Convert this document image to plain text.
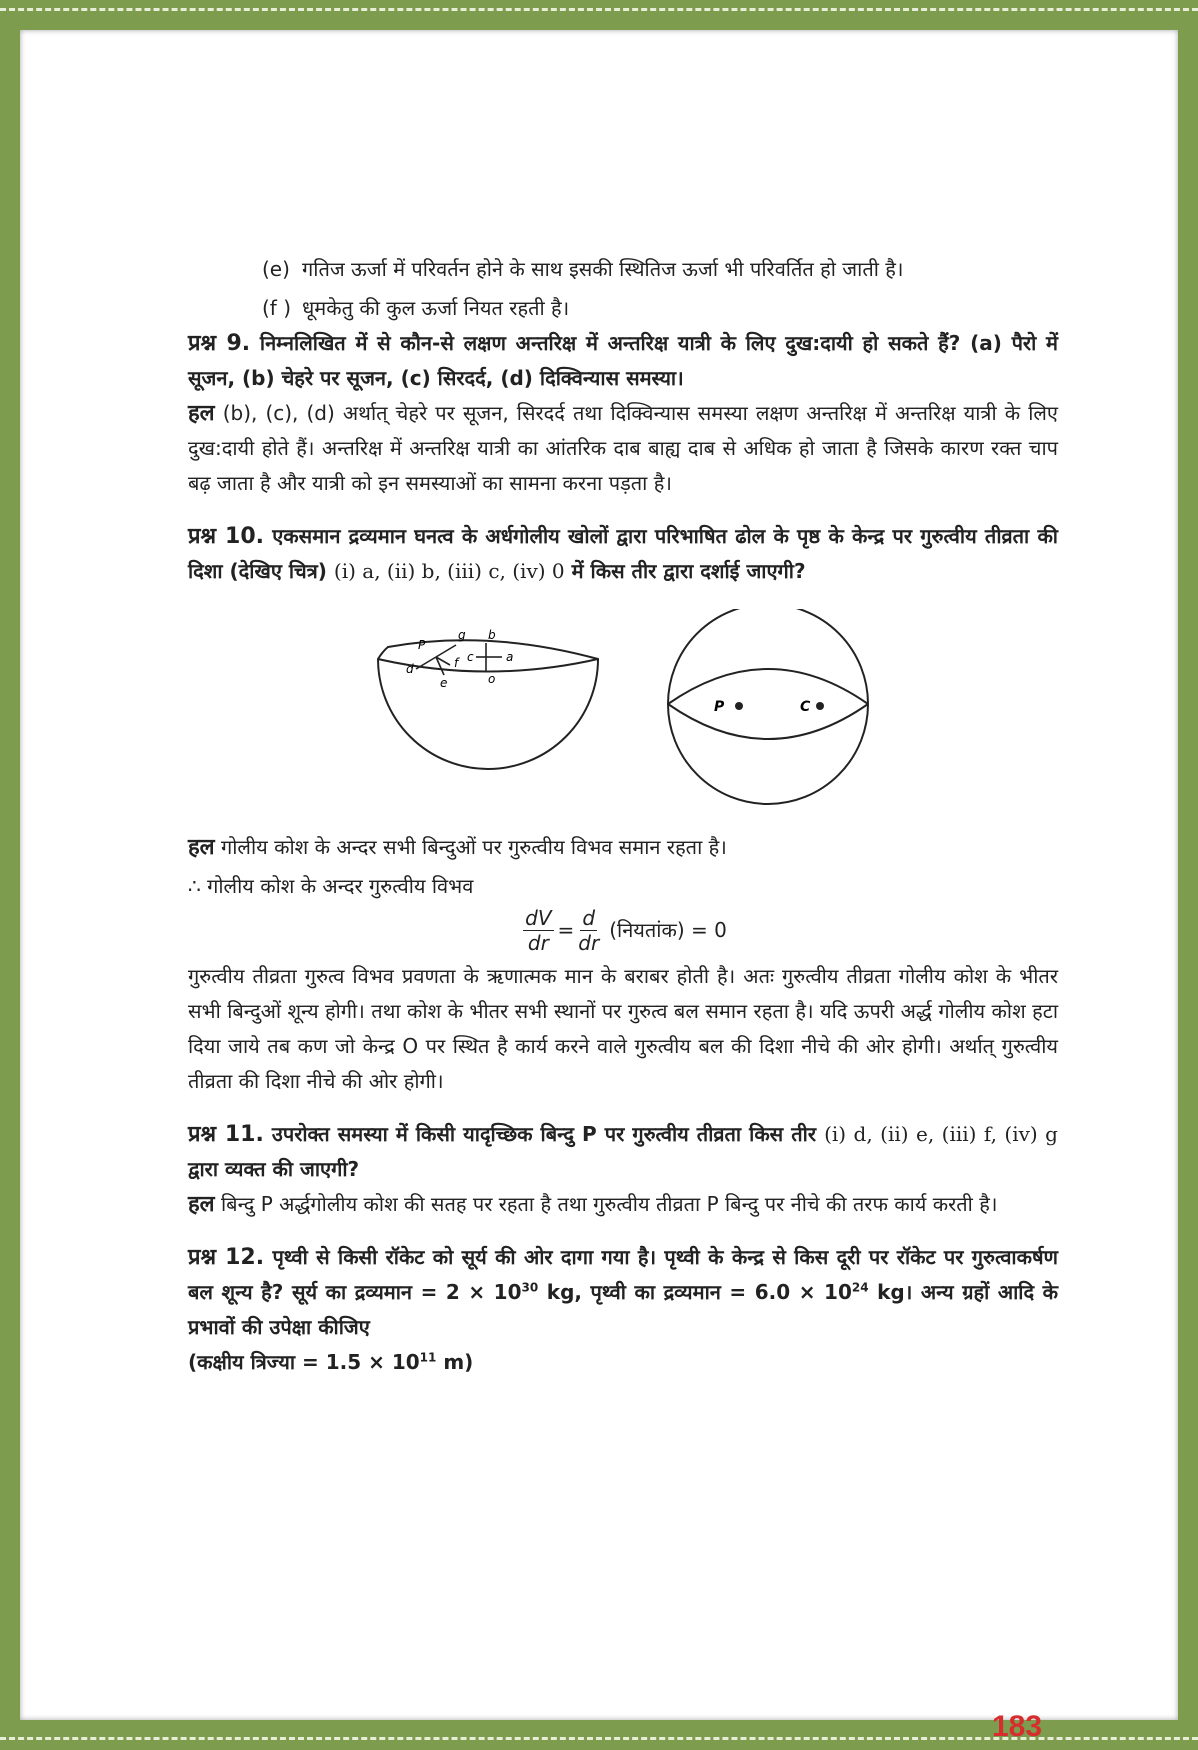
(e) गतिज ऊर्जा में परिवर्तन होने के साथ इसकी स्थितिज ऊर्जा भी परिवर्तित हो जाती है।
(f ) धूमकेतु की कुल ऊर्जा नियत रहती है।

प्रश्न 9. निम्नलिखित में से कौन-से लक्षण अन्तरिक्ष में अन्तरिक्ष यात्री के लिए दुख:दायी हो सकते हैं? (a) पैरो में सूजन, (b) चेहरे पर सूजन, (c) सिरदर्द, (d) दिक्विन्यास समस्या।

हल (b), (c), (d) अर्थात् चेहरे पर सूजन, सिरदर्द तथा दिक्विन्यास समस्या लक्षण अन्तरिक्ष में अन्तरिक्ष यात्री के लिए दुख:दायी होते हैं। अन्तरिक्ष में अन्तरिक्ष यात्री का आंतरिक दाब बाह्य दाब से अधिक हो जाता है जिसके कारण रक्त चाप बढ़ जाता है और यात्री को इन समस्याओं का सामना करना पड़ता है।

प्रश्न 10. एकसमान द्रव्यमान घनत्व के अर्धगोलीय खोलों द्वारा परिभाषित ढोल के पृष्ठ के केन्द्र पर गुरुत्वीय तीव्रता की दिशा (देखिए चित्र) (i) a, (ii) b, (iii) c, (iv) 0 में किस तीर द्वारा दर्शाई जाएगी?

P
g
d	f c
b
a
e	o
P	C

हल गोलीय कोश के अन्दर सभी बिन्दुओं पर गुरुत्वीय विभव समान रहता है।

∴ गोलीय कोश के अन्दर गुरुत्वीय विभव

$\frac{dV}{dr} = \frac{d}{dr}$ (नियतांक) = 0

गुरुत्वीय तीव्रता गुरुत्व विभव प्रवणता के ऋणात्मक मान के बराबर होती है। अतः गुरुत्वीय तीव्रता गोलीय कोश के भीतर सभी बिन्दुओं शून्य होगी। तथा कोश के भीतर सभी स्थानों पर गुरुत्व बल समान रहता है। यदि ऊपरी अर्द्ध गोलीय कोश हटा दिया जाये तब कण जो केन्द्र O पर स्थित है कार्य करने वाले गुरुत्वीय बल की दिशा नीचे की ओर होगी। अर्थात् गुरुत्वीय तीव्रता की दिशा नीचे की ओर होगी।

प्रश्न 11. उपरोक्त समस्या में किसी यादृच्छिक बिन्दु P पर गुरुत्वीय तीव्रता किस तीर (i) d, (ii) e, (iii) f, (iv) g द्वारा व्यक्त की जाएगी?

हल बिन्दु P अर्द्धगोलीय कोश की सतह पर रहता है तथा गुरुत्वीय तीव्रता P बिन्दु पर नीचे की तरफ कार्य करती है।

प्रश्न 12. पृथ्वी से किसी रॉकेट को सूर्य की ओर दागा गया है। पृथ्वी के केन्द्र से किस दूरी पर रॉकेट पर गुरुत्वाकर्षण बल शून्य है? सूर्य का द्रव्यमान = $2 \times 10^{30}$ kg, पृथ्वी का द्रव्यमान = $6.0 \times 10^{24}$ kg। अन्य ग्रहों आदि के प्रभावों की उपेक्षा कीजिए
(कक्षीय त्रिज्या = $1.5 \times 10^{11}$ m)

183
